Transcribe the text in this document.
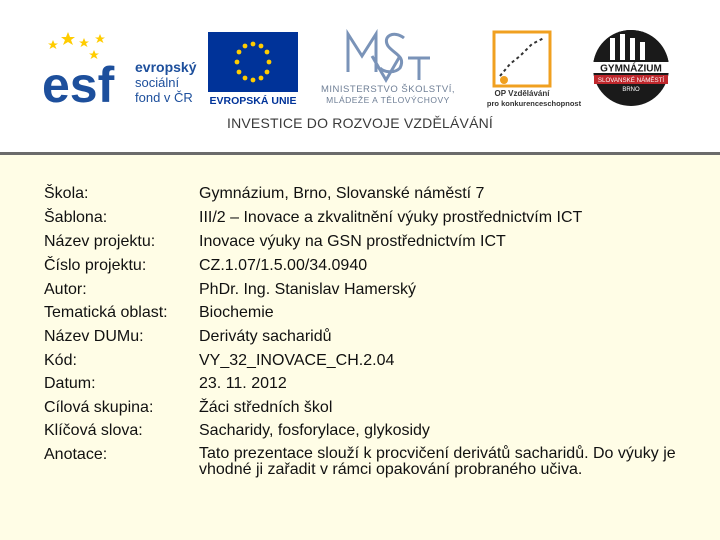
esf evropský
sociální
fond v ČR EVROPSKÁ UNIE
MINISTERSTVO ŠKOLSTVÍ,
MLÁDEŽE A TĚLOVÝCHOVY
OP Vzdělávání
pro konkurenceschopnost
GYMNÁZIUM
SLOVANSKÉ NÁMĚSTÍ
BRNO
INVESTICE DO ROZVOJE VZDĚLÁVÁNÍ
Škola:	Gymnázium, Brno, Slovanské náměstí 7
Šablona:	III/2 – Inovace a zkvalitnění výuky prostřednictvím ICT
Název projektu:	Inovace výuky na GSN prostřednictvím ICT
Číslo projektu:	CZ.1.07/1.5.00/34.0940
Autor:	PhDr. Ing. Stanislav Hamerský
Tematická oblast: Biochemie
Název DUMu:	Deriváty sacharidů
Kód:	VY_32_INOVACE_CH.2.04
Datum:	23. 11. 2012
Cílová skupina:	Žáci středních škol
Klíčová slova:	Sacharidy, fosforylace, glykosidy
Anotace:	Tato prezentace slouží k procvičení derivátů sacharidů. Do výuky je vhodné ji zařadit v rámci opakování probraného učiva.
